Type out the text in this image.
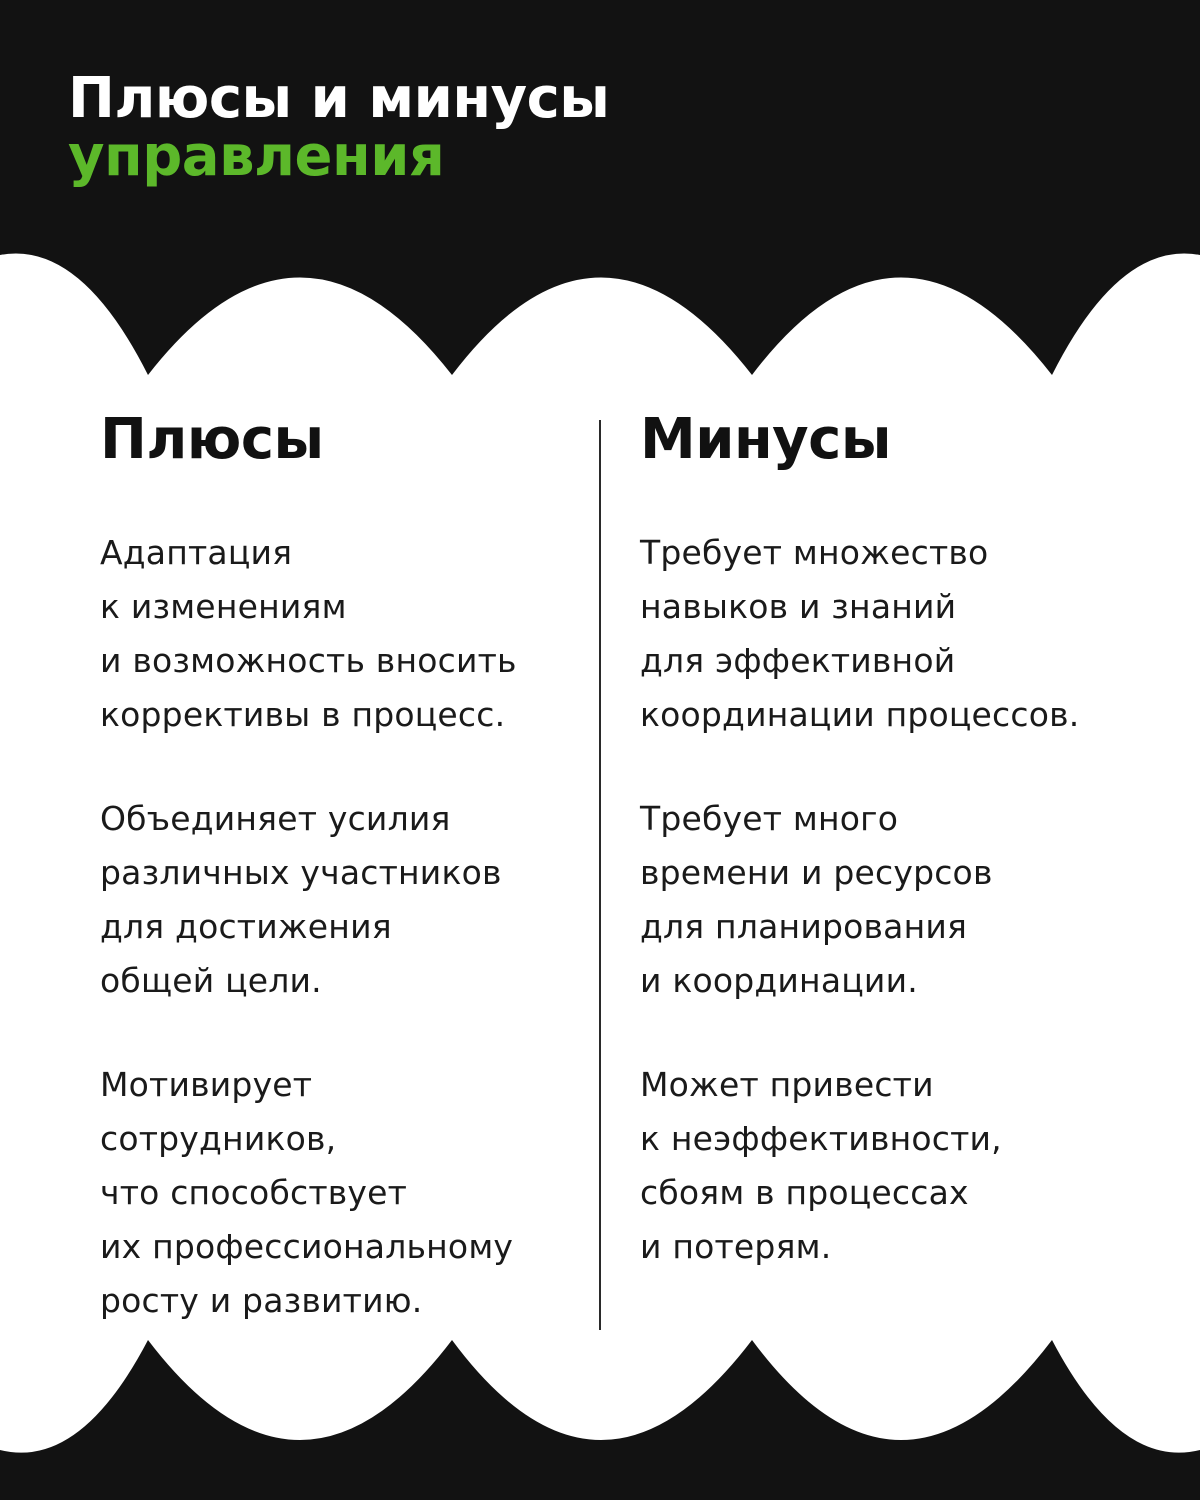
Плюсы и минусы
управления
Плюсы

Адаптация
к изменениям
и возможность вносить
коррективы в процесс.

Объединяет усилия
различных участников
для достижения
общей цели.

Мотивирует
сотрудников,
что способствует
их профессиональному
росту и развитию.

Минусы

Требует множество
навыков и знаний
для эффективной
координации процессов.

Требует много
времени и ресурсов
для планирования
и координации.

Может привести
к неэффективности,
сбоям в процессах
и потерям.
